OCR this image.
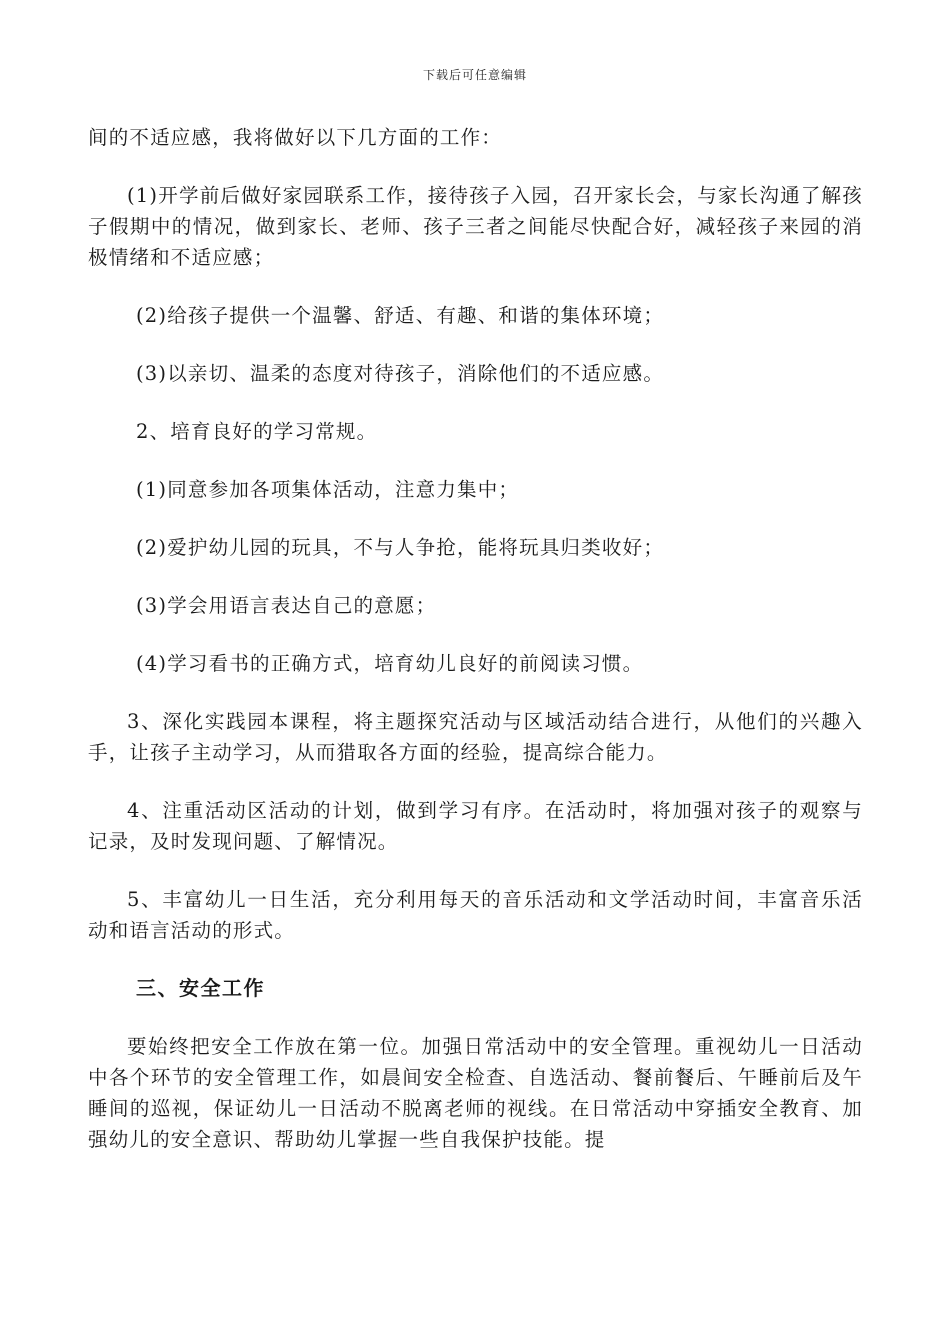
下载后可任意编辑

间的不适应感，我将做好以下几方面的工作：

(1)开学前后做好家园联系工作，接待孩子入园，召开家长会，与家长沟通了解孩子假期中的情况，做到家长、老师、孩子三者之间能尽快配合好，减轻孩子来园的消极情绪和不适应感；

(2)给孩子提供一个温馨、舒适、有趣、和谐的集体环境；

(3)以亲切、温柔的态度对待孩子，消除他们的不适应感。

2、培育良好的学习常规。

(1)同意参加各项集体活动，注意力集中；

(2)爱护幼儿园的玩具，不与人争抢，能将玩具归类收好；

(3)学会用语言表达自己的意愿；

(4)学习看书的正确方式，培育幼儿良好的前阅读习惯。

3、深化实践园本课程，将主题探究活动与区域活动结合进行，从他们的兴趣入手，让孩子主动学习，从而猎取各方面的经验，提高综合能力。

4、注重活动区活动的计划，做到学习有序。在活动时，将加强对孩子的观察与记录，及时发现问题、了解情况。

5、丰富幼儿一日生活，充分利用每天的音乐活动和文学活动时间，丰富音乐活动和语言活动的形式。

三、安全工作

要始终把安全工作放在第一位。加强日常活动中的安全管理。重视幼儿一日活动中各个环节的安全管理工作，如晨间安全检查、自选活动、餐前餐后、午睡前后及午睡间的巡视，保证幼儿一日活动不脱离老师的视线。在日常活动中穿插安全教育、加强幼儿的安全意识、帮助幼儿掌握一些自我保护技能。提
